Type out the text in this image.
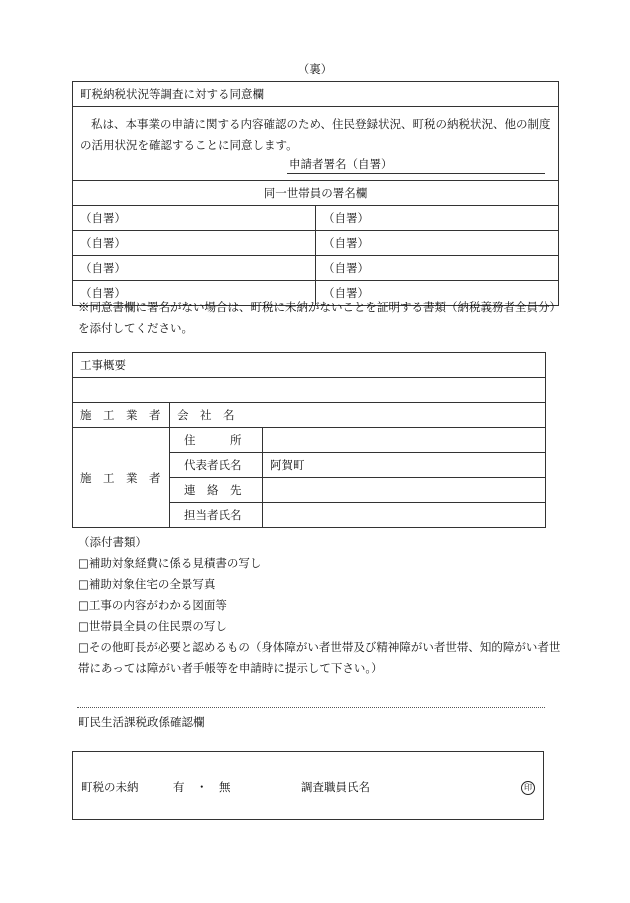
（裏）
町税納税状況等調査に対する同意欄	

私は、本事業の申請に関する内容確認のため、住民登録状況、町税の納税状況、他の制度の活用状況を確認することに同意します。
申請者署名（自署）	

同一世帯員の署名欄	
（自署）	（自署）
（自署）	（自署）
（自署）	（自署）
（自署）	（自署）
※同意書欄に署名がない場合は、町税に未納がないことを証明する書類（納税義務者全員分）を添付してください。
工事概要		

施　工　業　者	会　社　名	
施　工　業　者	住　　　所	
	代表者氏名	阿賀町
	連　絡　先	
	担当者氏名	
（添付書類）
□補助対象経費に係る見積書の写し
□補助対象住宅の全景写真
□工事の内容がわかる図面等
□世帯員全員の住民票の写し
□その他町長が必要と認めるもの（身体障がい者世帯及び精神障がい者世帯、知的障がい者世帯にあっては障がい者手帳等を申請時に提示して下さい。）
町民生活課税政係確認欄
町税の未納	有　・　無	調査職員氏名	印
